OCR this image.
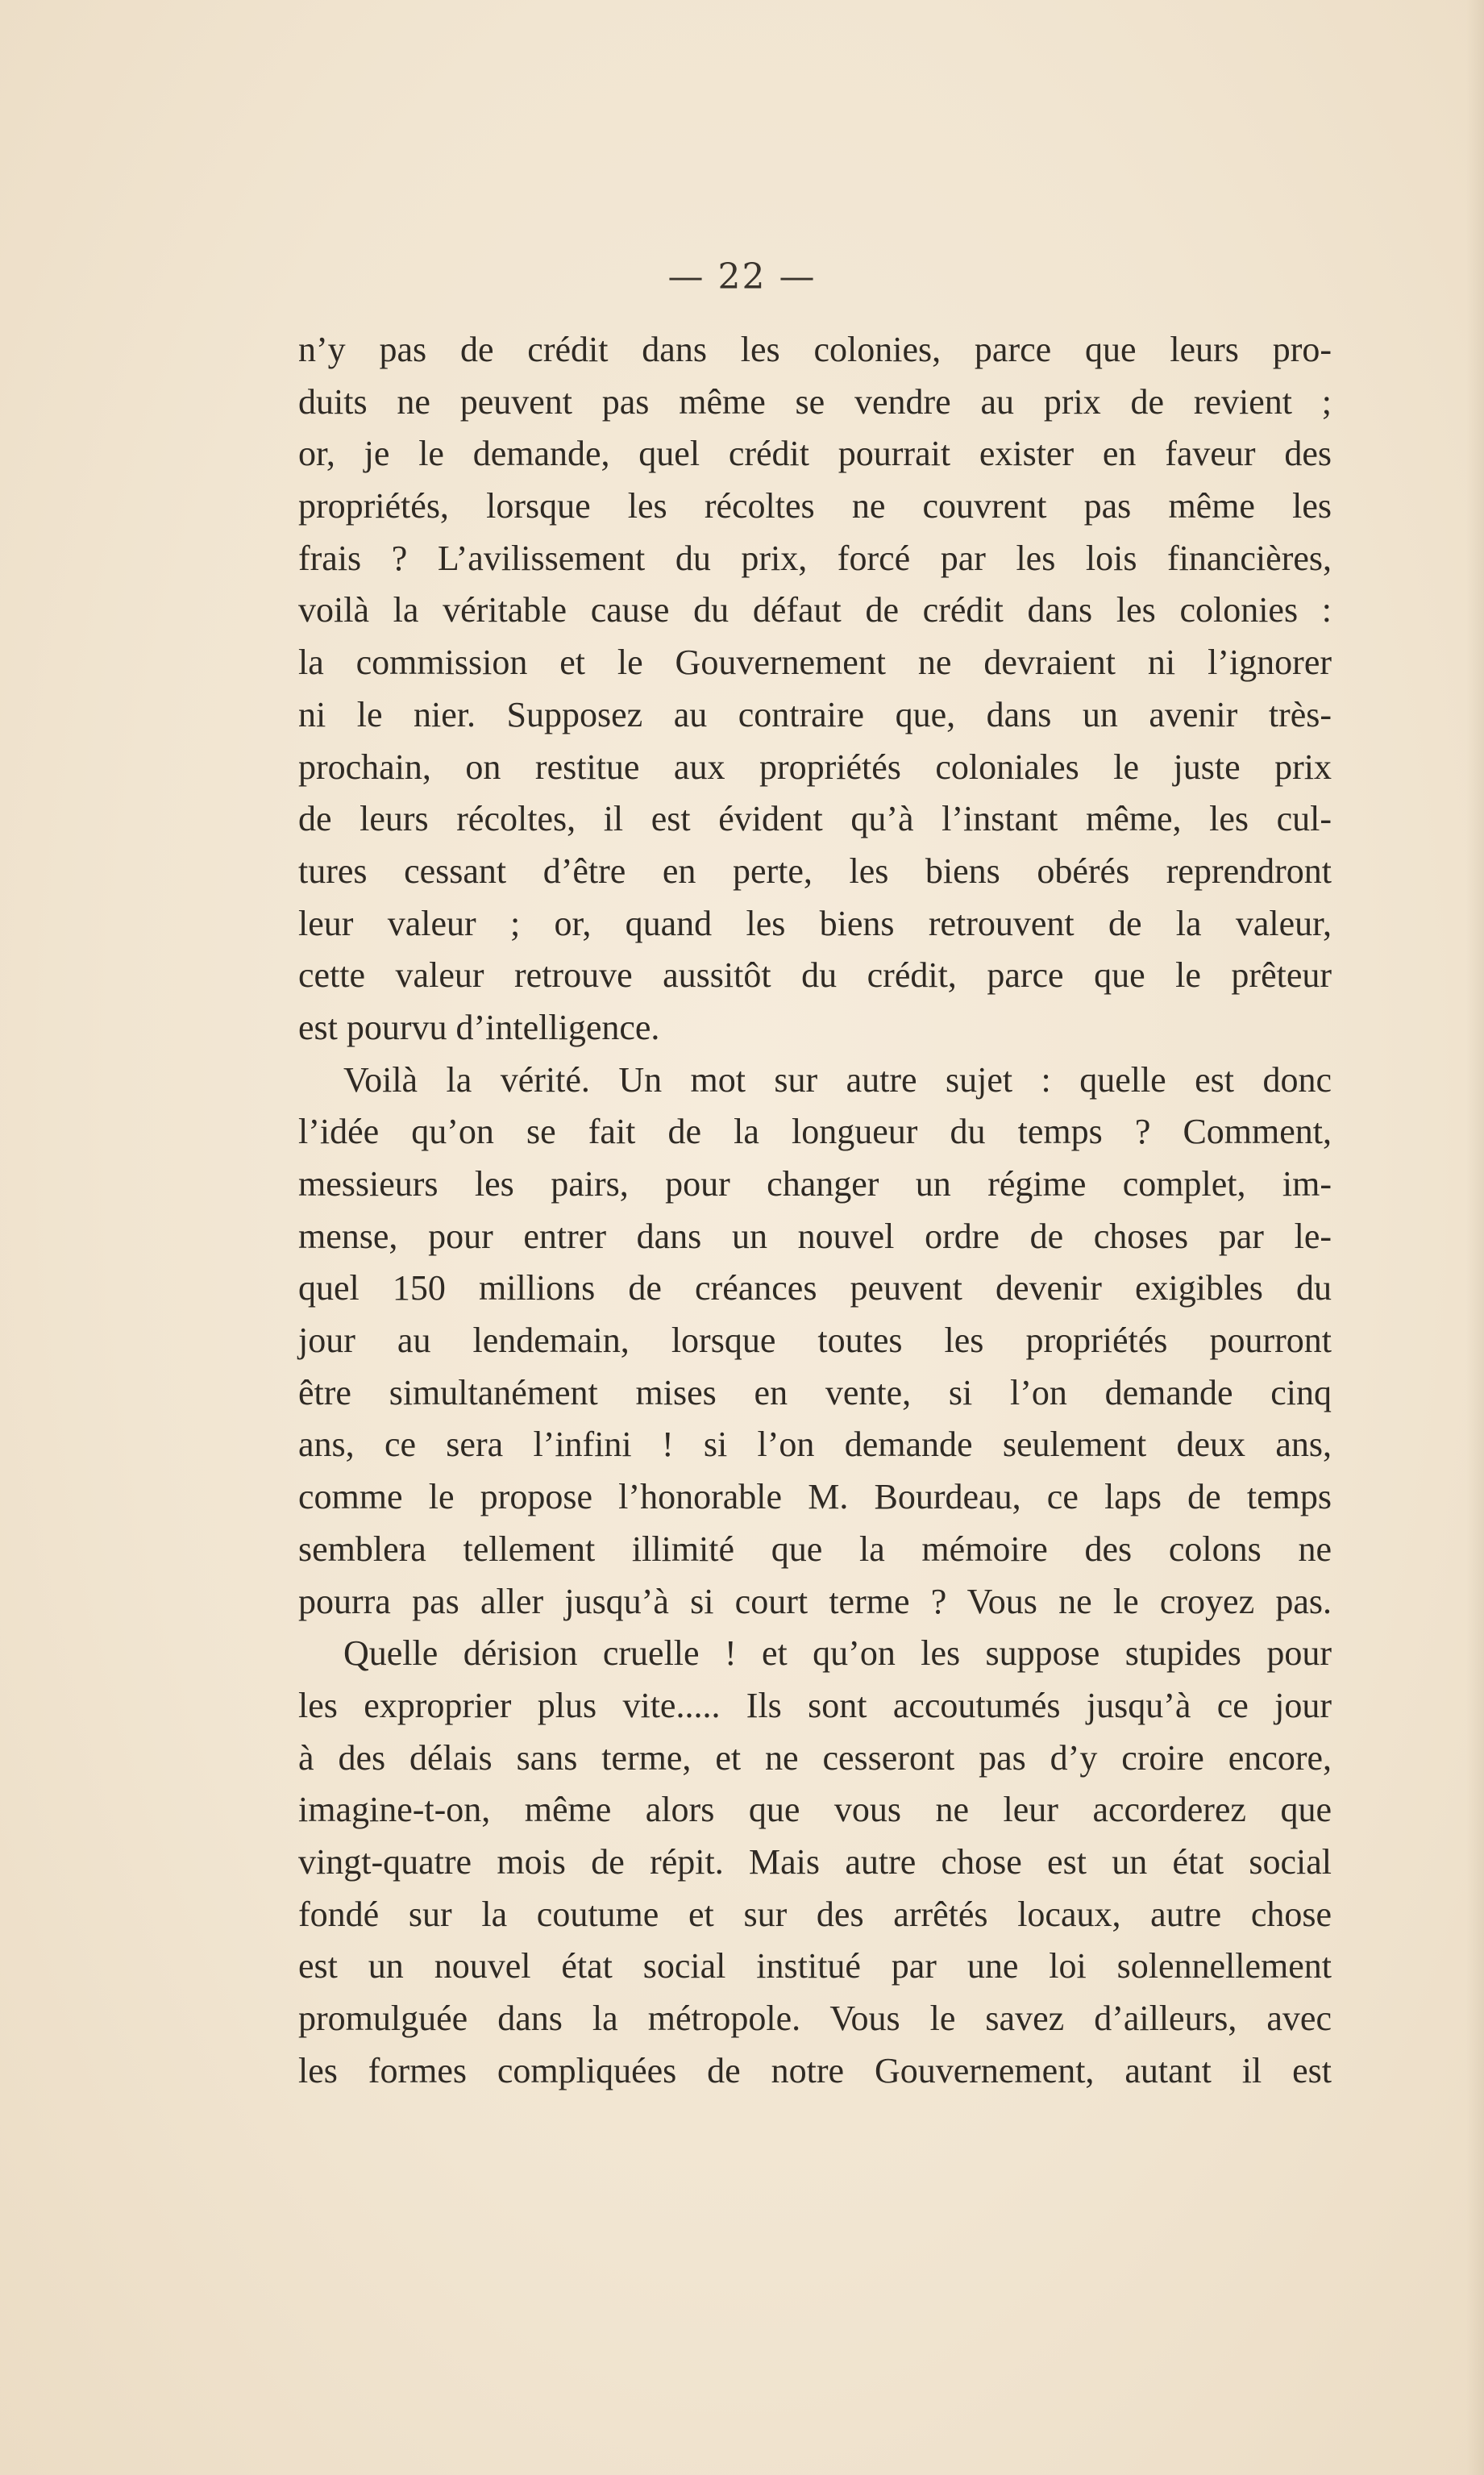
— 22 —
n’y pas de crédit dans les colonies, parce que leurs pro-
duits ne peuvent pas même se vendre au prix de revient ;
or, je le demande, quel crédit pourrait exister en faveur des
propriétés, lorsque les récoltes ne couvrent pas même les
frais ? L’avilissement du prix, forcé par les lois financières,
voilà la véritable cause du défaut de crédit dans les colonies :
la commission et le Gouvernement ne devraient ni l’ignorer
ni le nier. Supposez au contraire que, dans un avenir très-
prochain, on restitue aux propriétés coloniales le juste prix
de leurs récoltes, il est évident qu’à l’instant même, les cul-
tures cessant d’être en perte, les biens obérés reprendront
leur valeur ; or, quand les biens retrouvent de la valeur,
cette valeur retrouve aussitôt du crédit, parce que le prêteur
est pourvu d’intelligence.
Voilà la vérité. Un mot sur autre sujet : quelle est donc
l’idée qu’on se fait de la longueur du temps ? Comment,
messieurs les pairs, pour changer un régime complet, im-
mense, pour entrer dans un nouvel ordre de choses par le-
quel 150 millions de créances peuvent devenir exigibles du
jour au lendemain, lorsque toutes les propriétés pourront
être simultanément mises en vente, si l’on demande cinq
ans, ce sera l’infini ! si l’on demande seulement deux ans,
comme le propose l’honorable M. Bourdeau, ce laps de temps
semblera tellement illimité que la mémoire des colons ne
pourra pas aller jusqu’à si court terme ? Vous ne le croyez pas.
Quelle dérision cruelle ! et qu’on les suppose stupides pour
les exproprier plus vite..... Ils sont accoutumés jusqu’à ce jour
à des délais sans terme, et ne cesseront pas d’y croire encore,
imagine-t-on, même alors que vous ne leur accorderez que
vingt-quatre mois de répit. Mais autre chose est un état social
fondé sur la coutume et sur des arrêtés locaux, autre chose
est un nouvel état social institué par une loi solennellement
promulguée dans la métropole. Vous le savez d’ailleurs, avec
les formes compliquées de notre Gouvernement, autant il est
